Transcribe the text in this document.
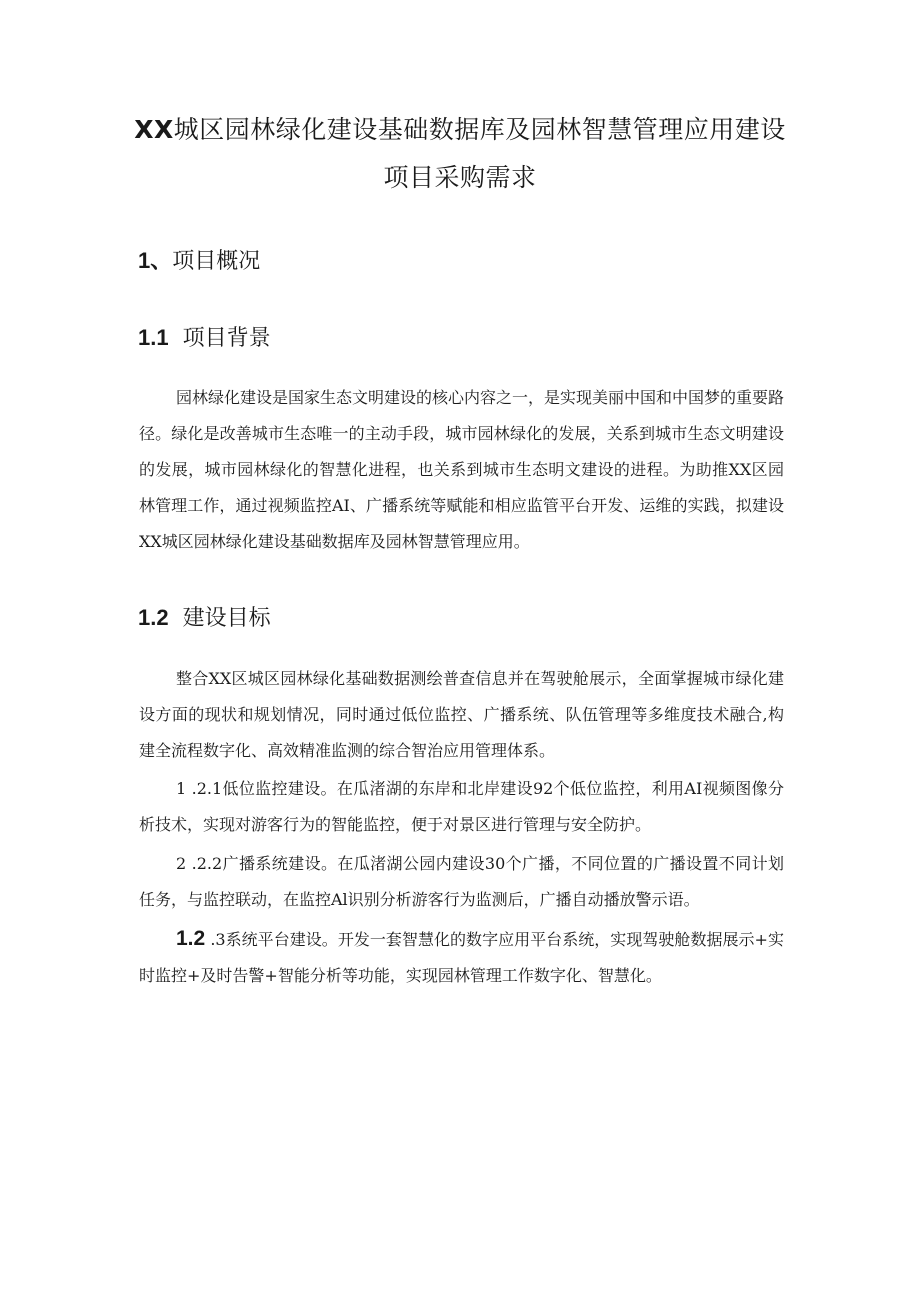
XX城区园林绿化建设基础数据库及园林智慧管理应用建设
项目采购需求
1、项目概况
1.1 项目背景

园林绿化建设是国家生态文明建设的核心内容之一，是实现美丽中国和中国梦的重要路径。绿化是改善城市生态唯一的主动手段，城市园林绿化的发展，关系到城市生态文明建设的发展，城市园林绿化的智慧化进程，也关系到城市生态明文建设的进程。为助推XX区园林管理工作，通过视频监控AI、广播系统等赋能和相应监管平台开发、运维的实践，拟建设XX城区园林绿化建设基础数据库及园林智慧管理应用。

1.2 建设目标

整合XX区城区园林绿化基础数据测绘普查信息并在驾驶舱展示，全面掌握城市绿化建设方面的现状和规划情况，同时通过低位监控、广播系统、队伍管理等多维度技术融合,构建全流程数字化、高效精准监测的综合智治应用管理体系。

1 .2.1低位监控建设。在瓜渚湖的东岸和北岸建设92个低位监控，利用AI视频图像分析技术，实现对游客行为的智能监控，便于对景区进行管理与安全防护。

2 .2.2广播系统建设。在瓜渚湖公园内建设30个广播，不同位置的广播设置不同计划任务，与监控联动，在监控Al识别分析游客行为监测后，广播自动播放警示语。

1.2 .3系统平台建设。开发一套智慧化的数字应用平台系统，实现驾驶舱数据展示+实时监控+及时告警+智能分析等功能，实现园林管理工作数字化、智慧化。
